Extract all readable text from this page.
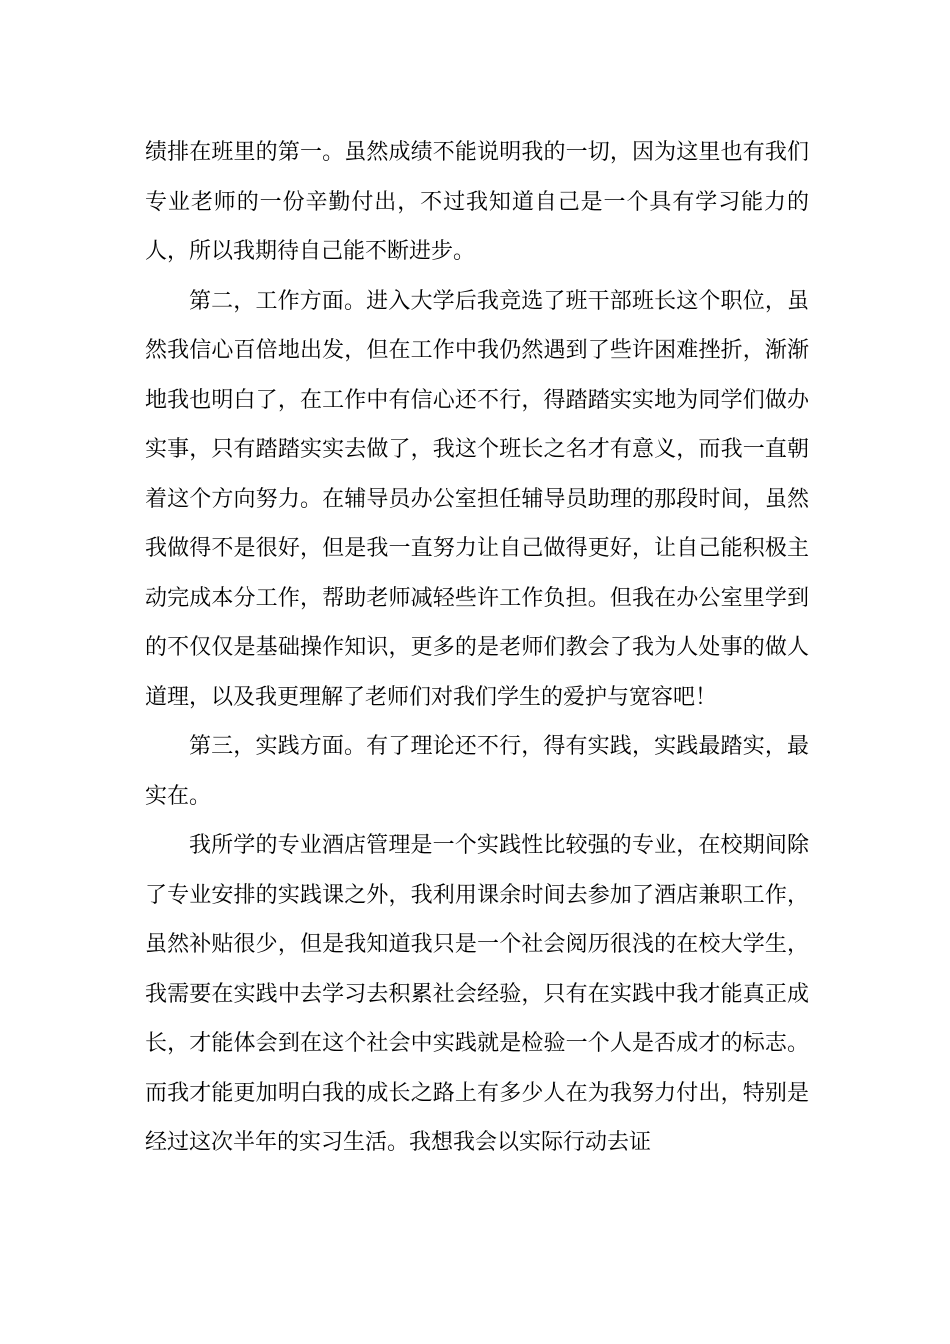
绩排在班里的第一。虽然成绩不能说明我的一切，因为这里也有我们专业老师的一份辛勤付出，不过我知道自己是一个具有学习能力的人，所以我期待自己能不断进步。

第二，工作方面。进入大学后我竞选了班干部班长这个职位，虽然我信心百倍地出发，但在工作中我仍然遇到了些许困难挫折，渐渐地我也明白了，在工作中有信心还不行，得踏踏实实地为同学们做办实事，只有踏踏实实去做了，我这个班长之名才有意义，而我一直朝着这个方向努力。在辅导员办公室担任辅导员助理的那段时间，虽然我做得不是很好，但是我一直努力让自己做得更好，让自己能积极主动完成本分工作，帮助老师减轻些许工作负担。但我在办公室里学到的不仅仅是基础操作知识，更多的是老师们教会了我为人处事的做人道理，以及我更理解了老师们对我们学生的爱护与宽容吧！

第三，实践方面。有了理论还不行，得有实践，实践最踏实，最实在。

我所学的专业酒店管理是一个实践性比较强的专业，在校期间除了专业安排的实践课之外，我利用课余时间去参加了酒店兼职工作，虽然补贴很少，但是我知道我只是一个社会阅历很浅的在校大学生，我需要在实践中去学习去积累社会经验，只有在实践中我才能真正成长，才能体会到在这个社会中实践就是检验一个人是否成才的标志。而我才能更加明白我的成长之路上有多少人在为我努力付出，特别是经过这次半年的实习生活。我想我会以实际行动去证
